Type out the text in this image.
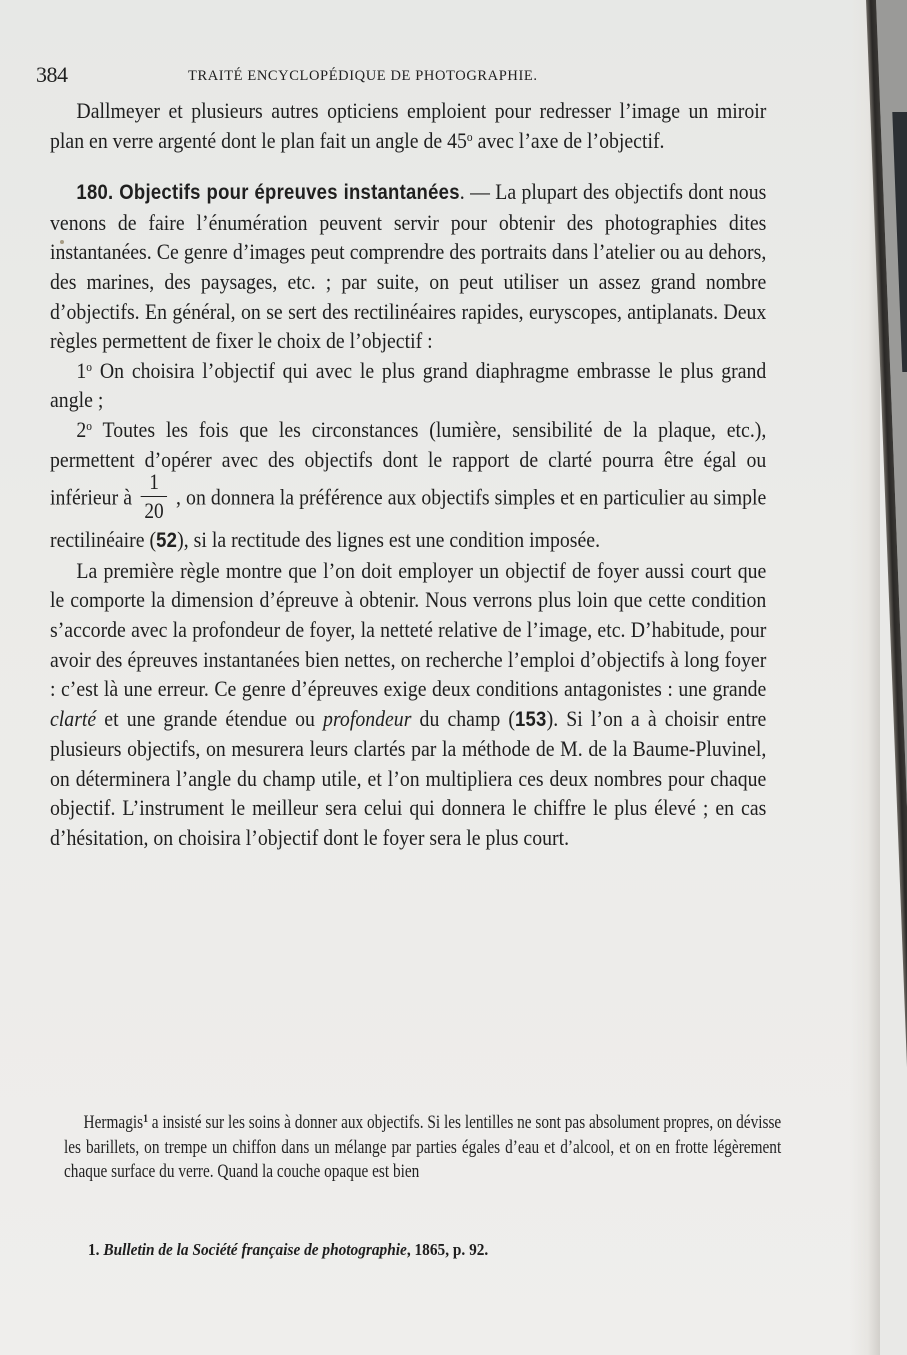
384	TRAITÉ ENCYCLOPÉDIQUE DE PHOTOGRAPHIE.

Dallmeyer et plusieurs autres opticiens emploient pour redresser l’image un miroir plan en verre argenté dont le plan fait un angle de 45$^o$ avec l’axe de l’objectif.

180. Objectifs pour épreuves instantanées. — La plupart des objectifs dont nous venons de faire l’énumération peuvent servir pour obtenir des photographies dites instantanées. Ce genre d’images peut comprendre des portraits dans l’atelier ou au dehors, des marines, des paysages, etc. ; par suite, on peut utiliser un assez grand nombre d’objectifs. En général, on se sert des rectilinéaires rapides, euryscopes, antiplanats. Deux règles permettent de fixer le choix de l’objectif :

1$^o$ On choisira l’objectif qui avec le plus grand diaphragme embrasse le plus grand angle ;

2$^o$ Toutes les fois que les circonstances (lumière, sensibilité de la plaque, etc.), permettent d’opérer avec des objectifs dont le rapport de clarté pourra être égal ou inférieur à $\frac{1}{20}$ , on donnera la préférence aux objectifs simples et en particulier au simple rectilinéaire (52), si la rectitude des lignes est une condition imposée.

La première règle montre que l’on doit employer un objectif de foyer aussi court que le comporte la dimension d’épreuve à obtenir. Nous verrons plus loin que cette condition s’accorde avec la profondeur de foyer, la netteté relative de l’image, etc. D’habitude, pour avoir des épreuves instantanées bien nettes, on recherche l’emploi d’objectifs à long foyer : c’est là une erreur. Ce genre d’épreuves exige deux conditions antagonistes : une grande clarté et une grande étendue ou profondeur du champ (153). Si l’on a à choisir entre plusieurs objectifs, on mesurera leurs clartés par la méthode de M. de la Baume-Pluvinel, on déterminera l’angle du champ utile, et l’on multipliera ces deux nombres pour chaque objectif. L’instrument le meilleur sera celui qui donnera le chiffre le plus élevé ; en cas d’hésitation, on choisira l’objectif dont le foyer sera le plus court.

Hermagis$^1$ a insisté sur les soins à donner aux objectifs. Si les lentilles ne sont pas absolument propres, on dévisse les barillets, on trempe un chiffon dans un mélange par parties égales d’eau et d’alcool, et on en frotte légèrement chaque surface du verre. Quand la couche opaque est bien

1. Bulletin de la Société française de photographie, 1865, p. 92.
